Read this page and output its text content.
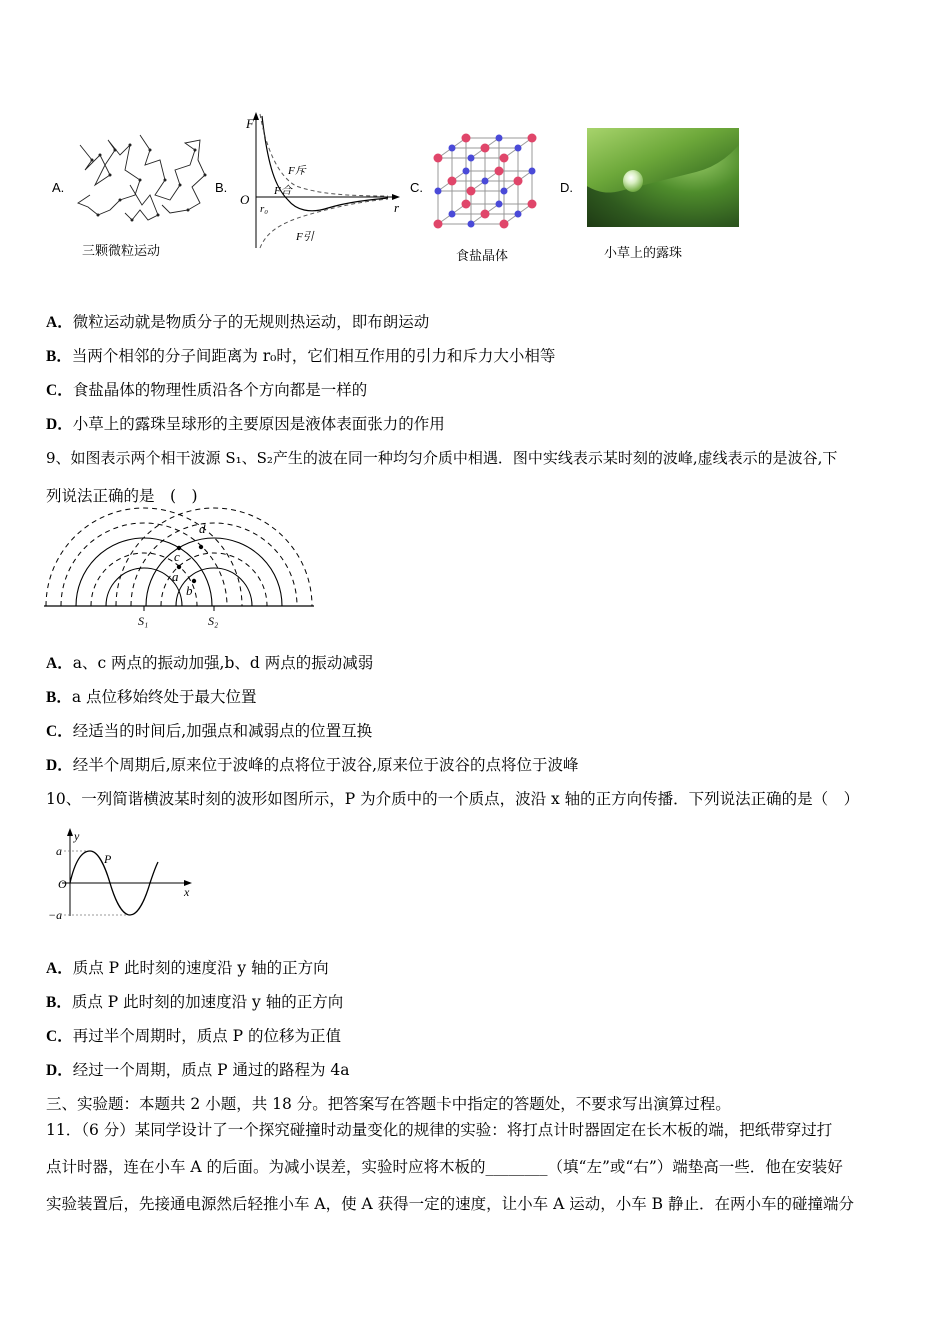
A.
三颗微粒运动
B.
F
O
r₀	r
F合
F斥
F引
C.
食盐晶体
D.
小草上的露珠
A．微粒运动就是物质分子的无规则热运动，即布朗运动
B．当两个相邻的分子间距离为 r₀时，它们相互作用的引力和斥力大小相等
C．食盐晶体的物理性质沿各个方向都是一样的
D．小草上的露珠呈球形的主要原因是液体表面张力的作用
9、如图表示两个相干波源 S₁、S₂产生的波在同一种均匀介质中相遇．图中实线表示某时刻的波峰,虚线表示的是波谷,下
列说法正确的是　(　)
a
b
c
d
S₁	S₂
A．a、c 两点的振动加强,b、d 两点的振动减弱
B．a 点位移始终处于最大位置
C．经适当的时间后,加强点和减弱点的位置互换
D．经半个周期后,原来位于波峰的点将位于波谷,原来位于波谷的点将位于波峰
10、一列简谐横波某时刻的波形如图所示，P 为介质中的一个质点，波沿 x 轴的正方向传播．下列说法正确的是（　）
y
x
a
−a
O
P
A．质点 P 此时刻的速度沿 y 轴的正方向
B．质点 P 此时刻的加速度沿 y 轴的正方向
C．再过半个周期时，质点 P 的位移为正值
D．经过一个周期，质点 P 通过的路程为 4a
三、实验题：本题共 2 小题，共 18 分。把答案写在答题卡中指定的答题处，不要求写出演算过程。
11．（6 分）某同学设计了一个探究碰撞时动量变化的规律的实验：将打点计时器固定在长木板的端，把纸带穿过打
点计时器，连在小车 A 的后面。为减小误差，实验时应将木板的________（填“左”或“右”）端垫高一些．他在安装好
实验装置后，先接通电源然后轻推小车 A，使 A 获得一定的速度，让小车 A 运动，小车 B 静止．在两小车的碰撞端分
